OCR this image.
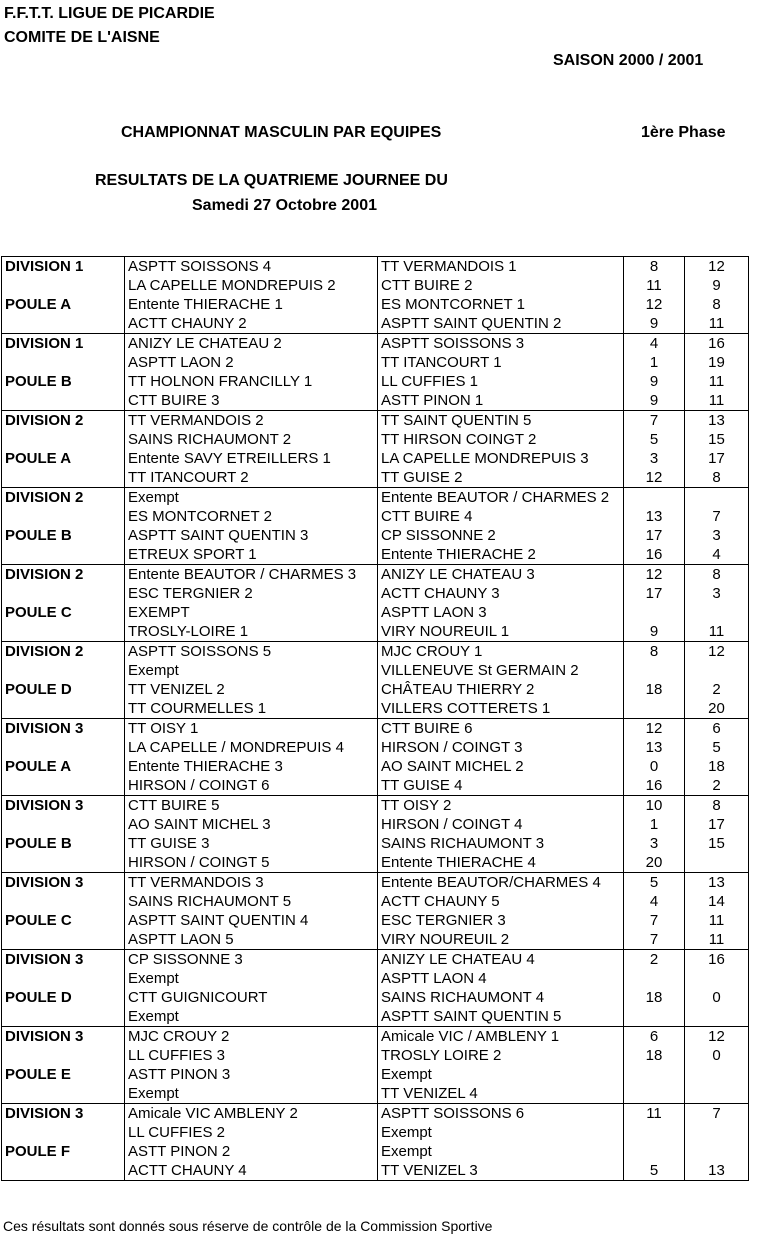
F.F.T.T. LIGUE DE PICARDIE
COMITE DE L'AISNE
SAISON 2000 / 2001
CHAMPIONNAT MASCULIN PAR EQUIPES	1ère Phase
RESULTATS DE LA QUATRIEME JOURNEE DU
Samedi 27 Octobre 2001
DIVISION 1	ASPTT SOISSONS 4	TT VERMANDOIS 1	8	12
	LA CAPELLE MONDREPUIS 2	CTT BUIRE 2	11	9
POULE A	Entente THIERACHE 1	ES MONTCORNET 1	12	8
	ACTT CHAUNY 2	ASPTT SAINT QUENTIN 2	9	11
DIVISION 1	ANIZY LE CHATEAU 2	ASPTT SOISSONS 3	4	16
	ASPTT LAON 2	TT ITANCOURT 1	1	19
POULE B	TT HOLNON FRANCILLY 1	LL CUFFIES 1	9	11
	CTT BUIRE 3	ASTT PINON 1	9	11
DIVISION 2	TT VERMANDOIS 2	TT SAINT QUENTIN 5	7	13
	SAINS RICHAUMONT 2	TT HIRSON COINGT 2	5	15
POULE A	Entente SAVY ETREILLERS 1	LA CAPELLE MONDREPUIS 3	3	17
	TT ITANCOURT 2	TT GUISE 2	12	8
DIVISION 2	Exempt	Entente BEAUTOR / CHARMES 2		
	ES MONTCORNET 2	CTT BUIRE 4	13	7
POULE B	ASPTT SAINT QUENTIN 3	CP SISSONNE 2	17	3
	ETREUX SPORT 1	Entente THIERACHE 2	16	4
DIVISION 2	Entente BEAUTOR / CHARMES 3	ANIZY LE CHATEAU 3	12	8
	ESC TERGNIER 2	ACTT CHAUNY 3	17	3
POULE C	EXEMPT	ASPTT LAON 3		
	TROSLY-LOIRE 1	VIRY NOUREUIL 1	9	11
DIVISION 2	ASPTT SOISSONS 5	MJC CROUY 1	8	12
	Exempt	VILLENEUVE St GERMAIN 2		
POULE D	TT VENIZEL 2	CHÂTEAU THIERRY 2	18	2
	TT COURMELLES 1	VILLERS COTTERETS 1		20
DIVISION 3	TT OISY 1	CTT BUIRE 6	12	6
	LA CAPELLE / MONDREPUIS 4	HIRSON / COINGT 3	13	5
POULE A	Entente THIERACHE 3	AO SAINT MICHEL 2	0	18
	HIRSON / COINGT 6	TT GUISE 4	16	2
DIVISION 3	CTT BUIRE 5	TT OISY 2	10	8
	AO SAINT MICHEL 3	HIRSON / COINGT 4	1	17
POULE B	TT GUISE 3	SAINS RICHAUMONT 3	3	15
	HIRSON / COINGT 5	Entente THIERACHE 4	20	
DIVISION 3	TT VERMANDOIS 3	Entente BEAUTOR/CHARMES 4	5	13
	SAINS RICHAUMONT 5	ACTT CHAUNY 5	4	14
POULE C	ASPTT SAINT QUENTIN 4	ESC TERGNIER 3	7	11
	ASPTT LAON 5	VIRY NOUREUIL 2	7	11
DIVISION 3	CP SISSONNE 3	ANIZY LE CHATEAU 4	2	16
	Exempt	ASPTT LAON 4		
POULE D	CTT GUIGNICOURT	SAINS RICHAUMONT 4	18	0
	Exempt	ASPTT SAINT QUENTIN 5		
DIVISION 3	MJC CROUY 2	Amicale VIC / AMBLENY 1	6	12
	LL CUFFIES 3	TROSLY LOIRE 2	18	0
POULE E	ASTT PINON 3	Exempt		
	Exempt	TT VENIZEL 4		
DIVISION 3	Amicale VIC AMBLENY 2	ASPTT SOISSONS 6	11	7
	LL CUFFIES 2	Exempt		
POULE F	ASTT PINON 2	Exempt		
	ACTT CHAUNY 4	TT VENIZEL 3	5	13
Ces résultats sont donnés sous réserve de contrôle de la Commission Sportive
